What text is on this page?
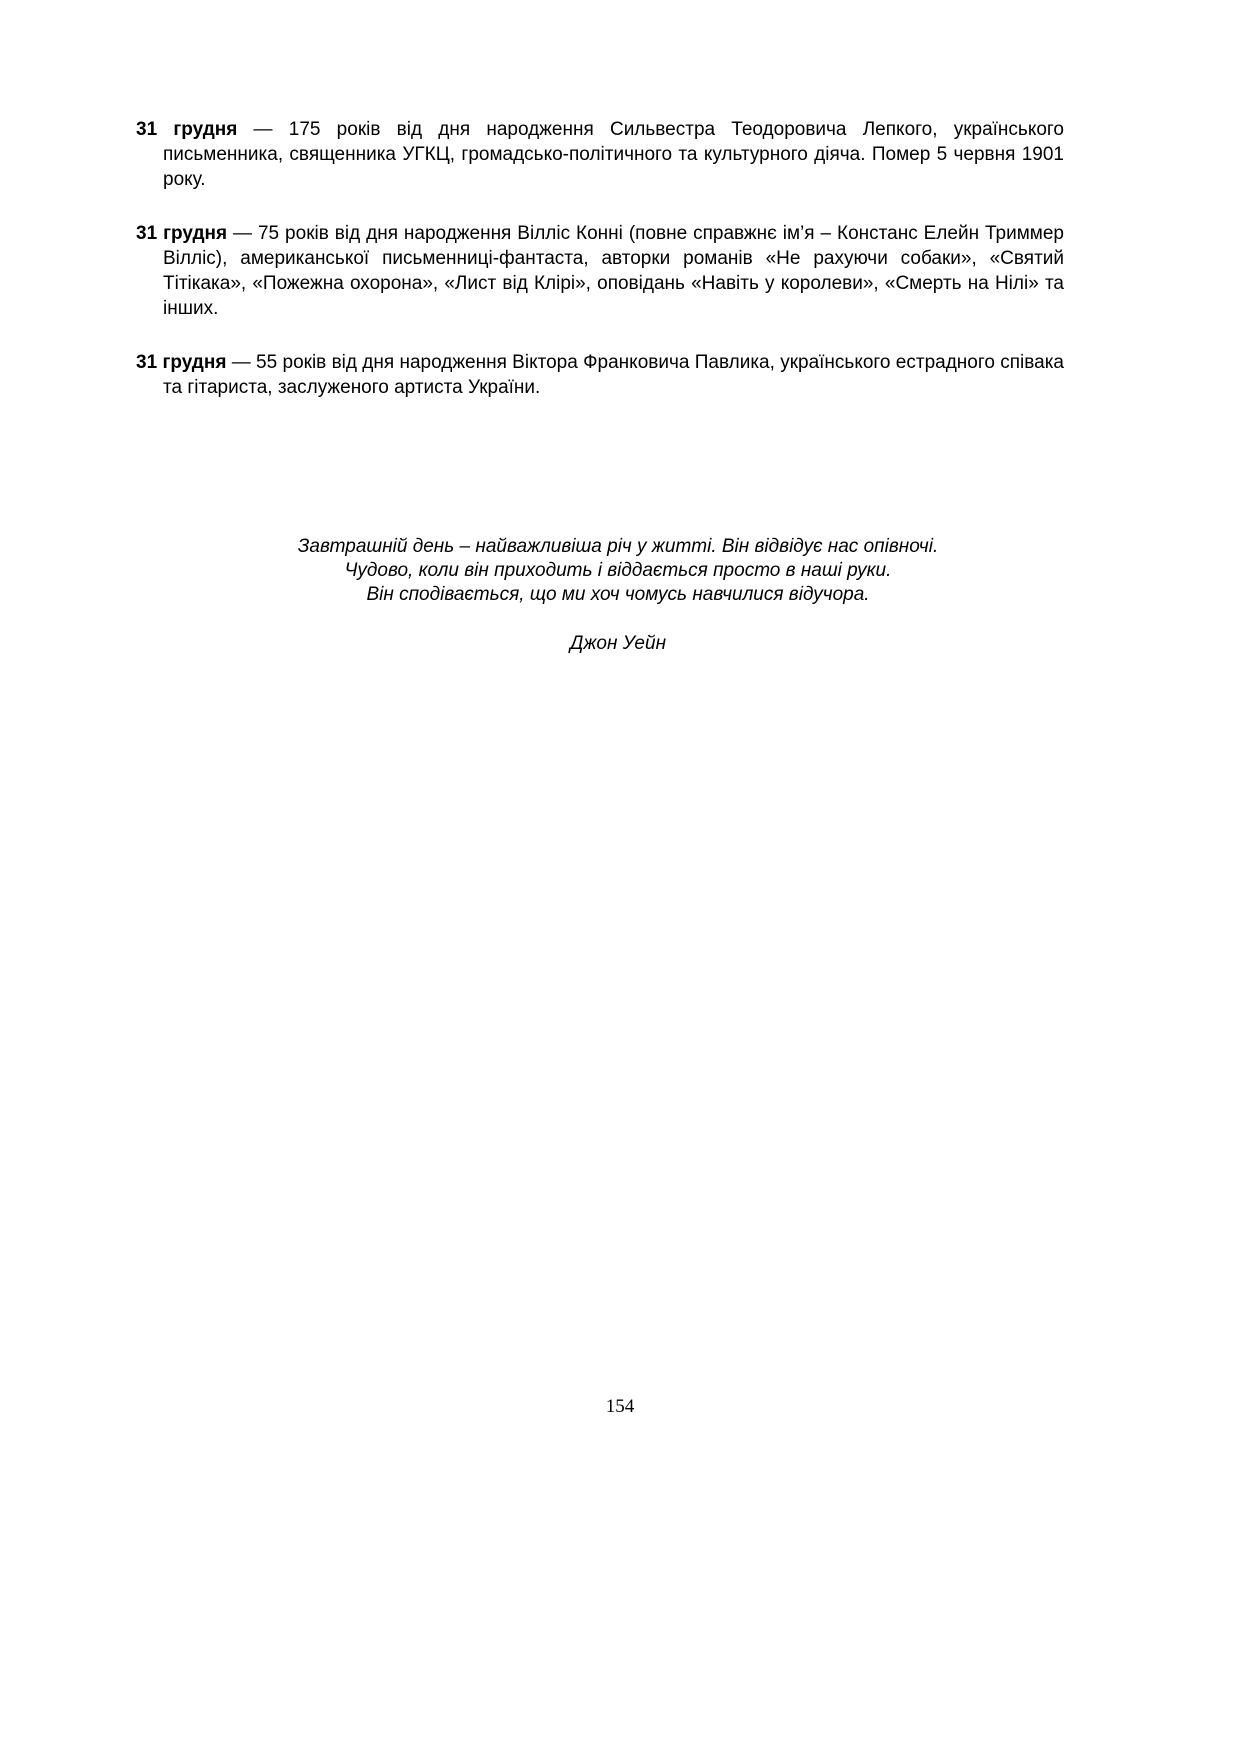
31 грудня — 175 років від дня народження Сильвестра Теодоровича Лепкого, українського письменника, священника УГКЦ, громадсько-політичного та культурного діяча. Помер 5 червня 1901 року.

31 грудня — 75 років від дня народження Вілліс Конні (повне справжнє ім’я – Констанс Елейн Триммер Вілліс), американської письменниці-фантаста, авторки романів «Не рахуючи собаки», «Святий Тітікака», «Пожежна охорона», «Лист від Клірі», оповідань «Навіть у королеви», «Смерть на Нілі» та інших.

31 грудня — 55 років від дня народження Віктора Франковича Павлика, українського естрадного співака та гітариста, заслуженого артиста України.

Завтрашній день – найважливіша річ у житті. Він відвідує нас опівночі.
Чудово, коли він приходить і віддається просто в наші руки.
Він сподівається, що ми хоч чомусь навчилися відучора.
Джон Уейн
154
